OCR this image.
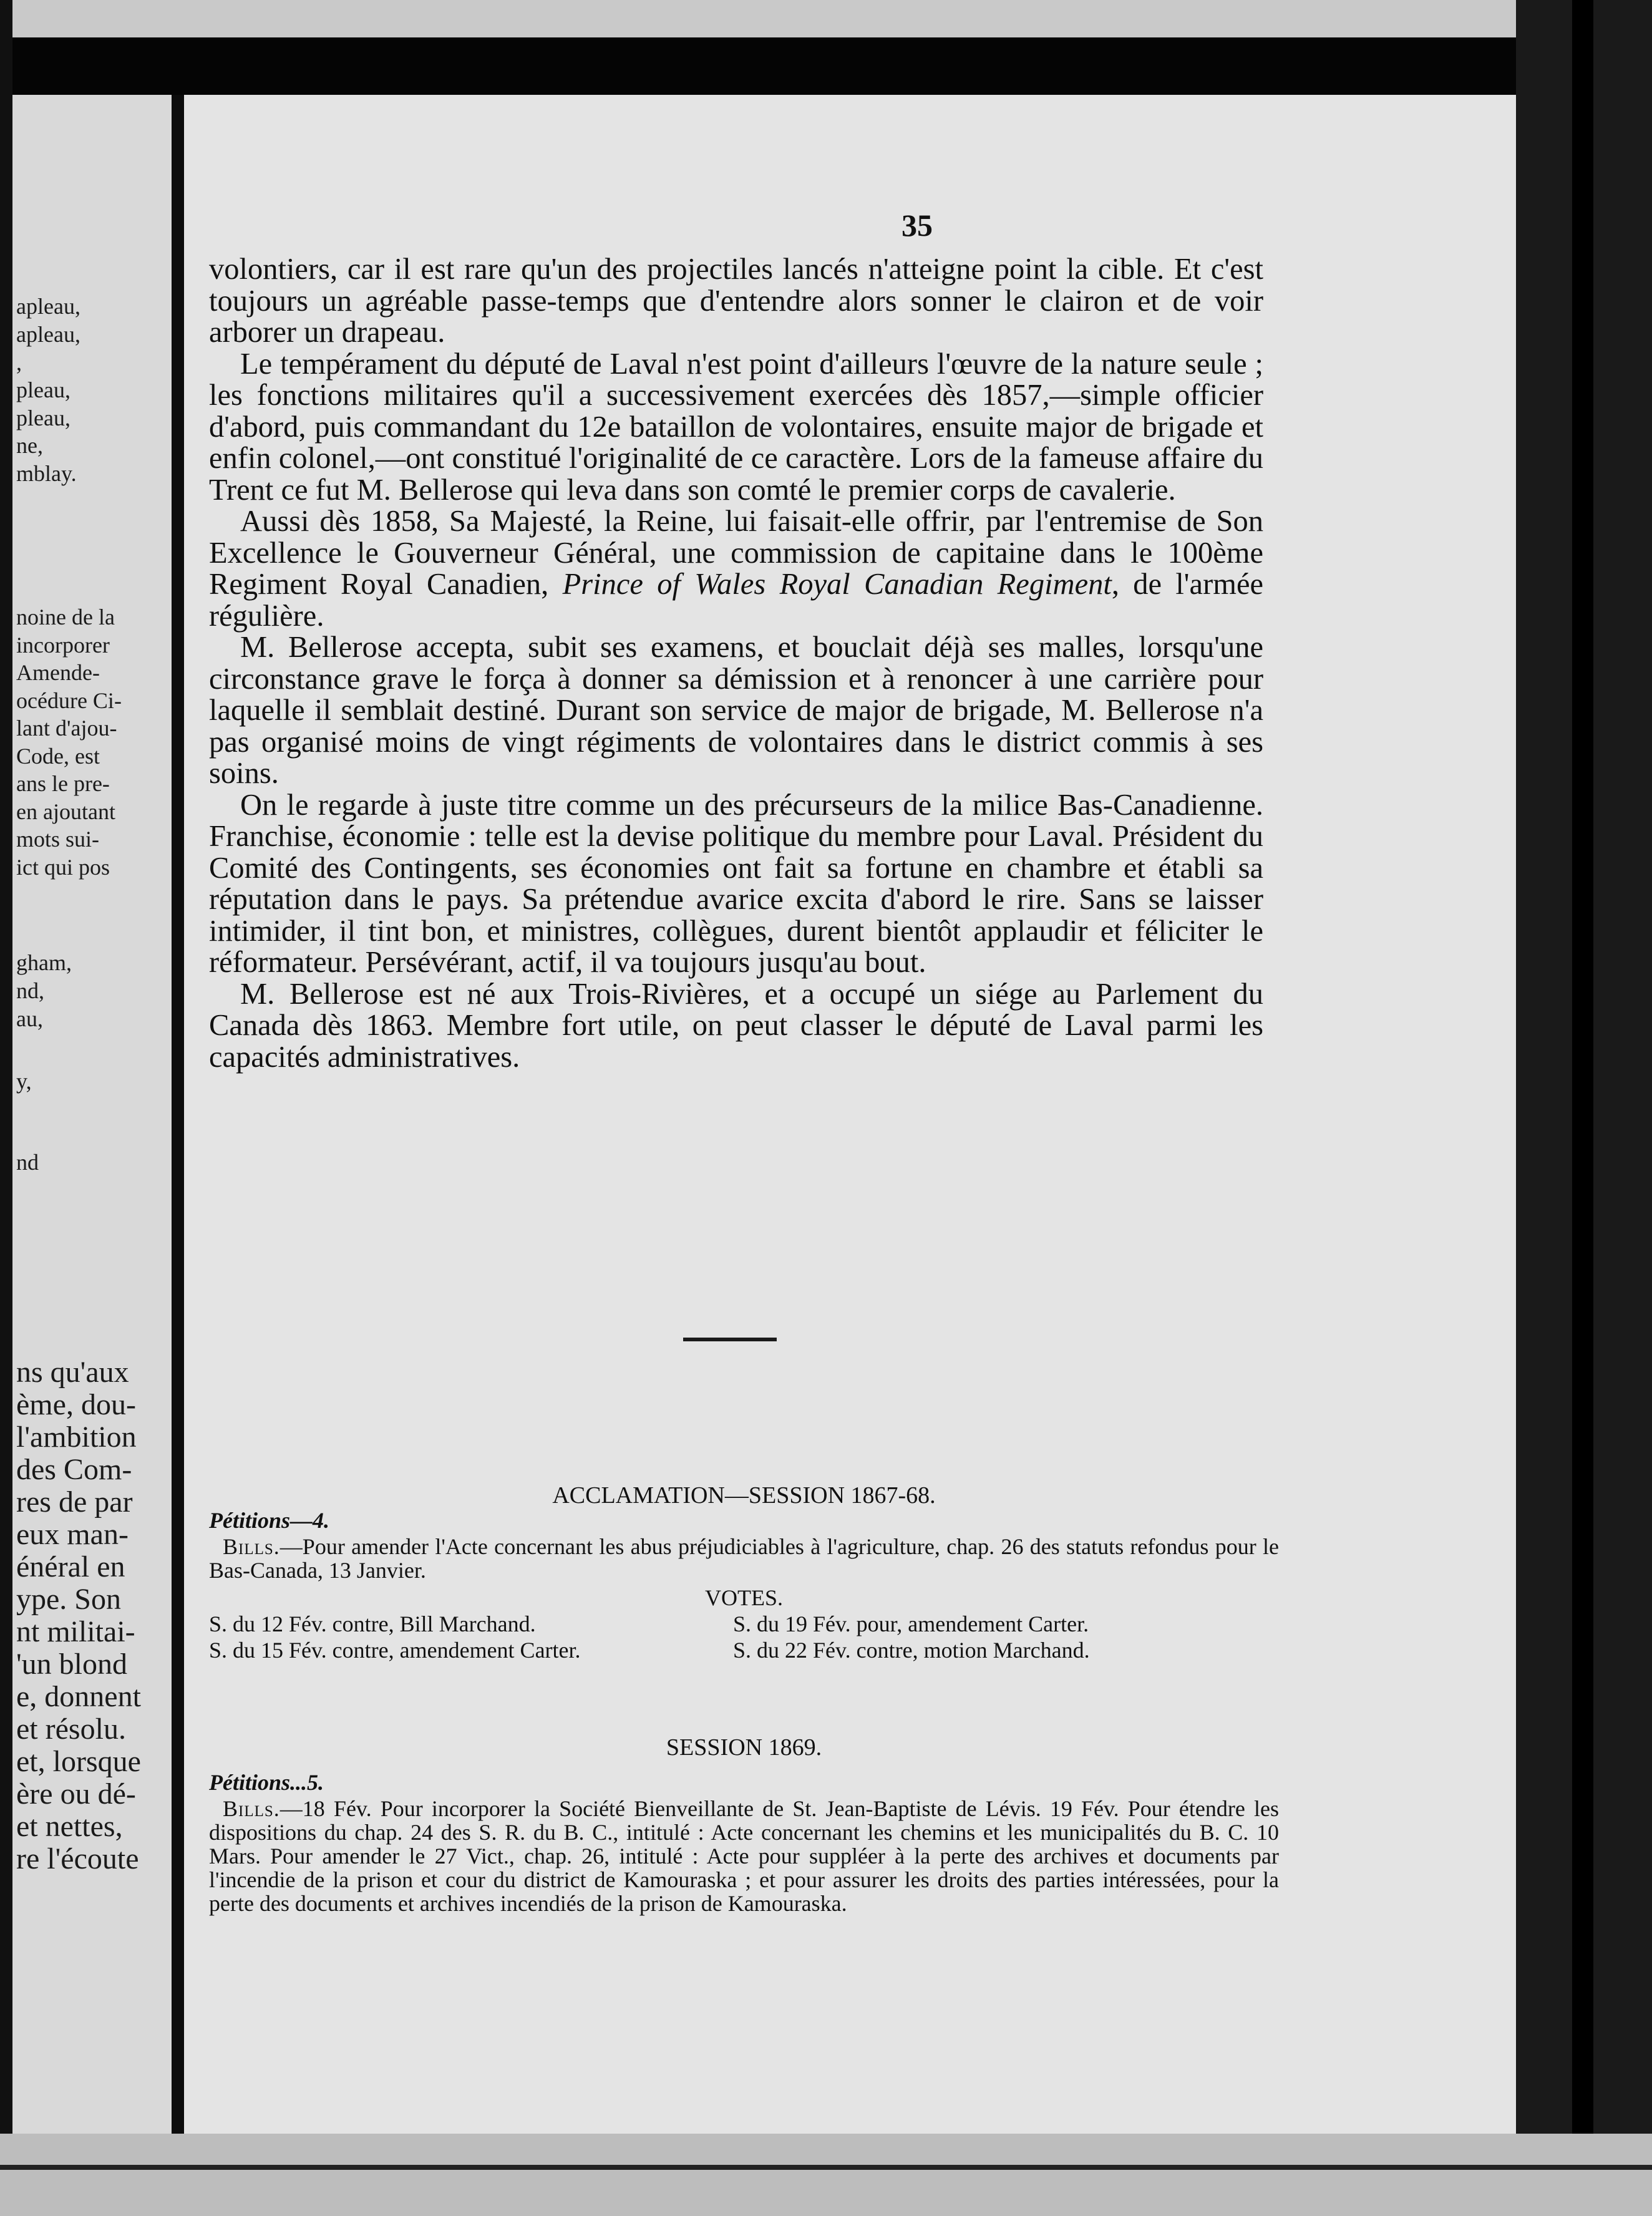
apleau,
apleau,
,
pleau,
pleau,
ne,
mblay.
noine de la
incorporer
Amende-
océdure Ci-
lant d'ajou-
Code, est
ans le pre-
en ajoutant
mots sui-
ict qui pos
gham,
nd,
au,
y,
nd
ns qu'aux
ème, dou-
l'ambition
des Com-
res de par
eux man-
énéral en
ype. Son
nt militai-
'un blond
e, donnent
et résolu.
et, lorsque
ère ou dé-
et nettes,
re l'écoute
35

volontiers, car il est rare qu'un des projectiles lancés n'atteigne point la cible. Et c'est toujours un agréable passe-temps que d'entendre alors sonner le clairon et de voir arborer un drapeau.

Le tempérament du député de Laval n'est point d'ailleurs l'œuvre de la nature seule ; les fonctions militaires qu'il a successivement exercées dès 1857,—simple officier d'abord, puis commandant du 12e bataillon de volontaires, ensuite major de brigade et enfin colonel,—ont constitué l'originalité de ce caractère. Lors de la fameuse affaire du Trent ce fut M. Bellerose qui leva dans son comté le premier corps de cavalerie.

Aussi dès 1858, Sa Majesté, la Reine, lui faisait-elle offrir, par l'entremise de Son Excellence le Gouverneur Général, une commission de capitaine dans le 100ème Regiment Royal Canadien, Prince of Wales Royal Canadian Regiment, de l'armée régulière.

M. Bellerose accepta, subit ses examens, et bouclait déjà ses malles, lorsqu'une circonstance grave le força à donner sa démission et à renoncer à une carrière pour laquelle il semblait destiné. Durant son service de major de brigade, M. Bellerose n'a pas organisé moins de vingt régiments de volontaires dans le district commis à ses soins.

On le regarde à juste titre comme un des précurseurs de la milice Bas-Canadienne. Franchise, économie : telle est la devise politique du membre pour Laval. Président du Comité des Contingents, ses économies ont fait sa fortune en chambre et établi sa réputation dans le pays. Sa prétendue avarice excita d'abord le rire. Sans se laisser intimider, il tint bon, et ministres, collègues, durent bientôt applaudir et féliciter le réformateur. Persévérant, actif, il va toujours jusqu'au bout.

M. Bellerose est né aux Trois-Rivières, et a occupé un siége au Parlement du Canada dès 1863. Membre fort utile, on peut classer le député de Laval parmi les capacités administratives.

ACCLAMATION—SESSION 1867-68.
Pétitions—4.

Bills.—Pour amender l'Acte concernant les abus préjudiciables à l'agriculture, chap. 26 des statuts refondus pour le Bas-Canada, 13 Janvier.

VOTES.
S. du 12 Fév. contre, Bill Marchand.	S. du 19 Fév. pour, amendement Carter.
S. du 15 Fév. contre, amendement Carter.	S. du 22 Fév. contre, motion Marchand.
SESSION 1869.
Pétitions...5.

Bills.—18 Fév. Pour incorporer la Société Bienveillante de St. Jean-Baptiste de Lévis. 19 Fév. Pour étendre les dispositions du chap. 24 des S. R. du B. C., intitulé : Acte concernant les chemins et les municipalités du B. C. 10 Mars. Pour amender le 27 Vict., chap. 26, intitulé : Acte pour suppléer à la perte des archives et documents par l'incendie de la prison et cour du district de Kamouraska ; et pour assurer les droits des parties intéressées, pour la perte des documents et archives incendiés de la prison de Kamouraska.
